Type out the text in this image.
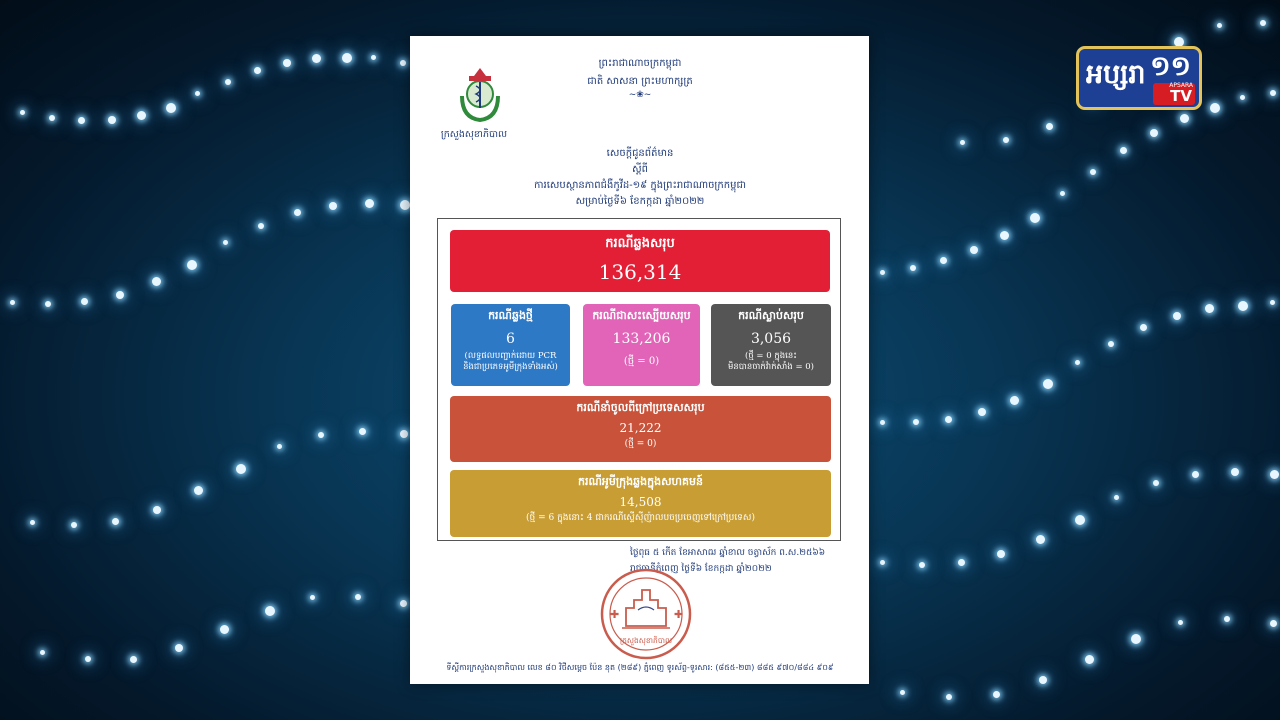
អប្សរា ១១
APSARA
TV
ព្រះរាជាណាចក្រកម្ពុជា
ជាតិ សាសនា ព្រះមហាក្សត្រ
~❀~
ក្រសួងសុខាភិបាល
សេចក្តីជូនព័ត៌មាន
ស្តីពី
ការសេបស្ថានភាពជំងឺកូវីដ-១៩ ក្នុងព្រះរាជាណាចក្រកម្ពុជា
សម្រាប់ថ្ងៃទី៦ ខែកក្កដា ឆ្នាំ២០២២
ករណីឆ្លងសរុប
136,314
ករណីឆ្លងថ្មី
6
(លទ្ធផលបញ្ជាក់ដោយ PCR
និងជាប្រភេទអូមីក្រុងទាំងអស់)
ករណីជាសះស្បើយសរុប
133,206
(ថ្មី = 0)
ករណីស្លាប់សរុប
3,056
(ថ្មី = 0 ក្នុងនេះ
មិនបានចាក់វ៉ាក់សាំង = 0)
ករណីនាំចូលពីក្រៅប្រទេសសរុប
21,222
(ថ្មី = 0)
ករណីអូមីក្រុងឆ្លងក្នុងសហគមន៍
14,508
(ថ្មី = 6 ក្នុងនោះ 4 ជាករណីស្ទើស៊ីញ៉ាលបចប្រចេញទៅក្រៅប្រទេស)
ថ្ងៃពុធ ៥ កើត ខែអាសាឍ ឆ្នាំខាល ចត្វាស័ក ព.ស.២៥៦៦
រាជធានីភ្នំពេញ ថ្ងៃទី៦ ខែកក្កដា ឆ្នាំ២០២២
✚	✚
ក្រសួងសុខាភិបាល
ទីស្តីការក្រសួងសុខាភិបាល លេខ ៨០ វិថីសម្តេច ប៉ែន នុត (២៨៩) ភ្នំពេញ ទូរស័ព្ទ-ទូរសារ: (៨៥៥-២៣) ៨៨៥ ៩៧០/៨៨៤ ៩០៩
